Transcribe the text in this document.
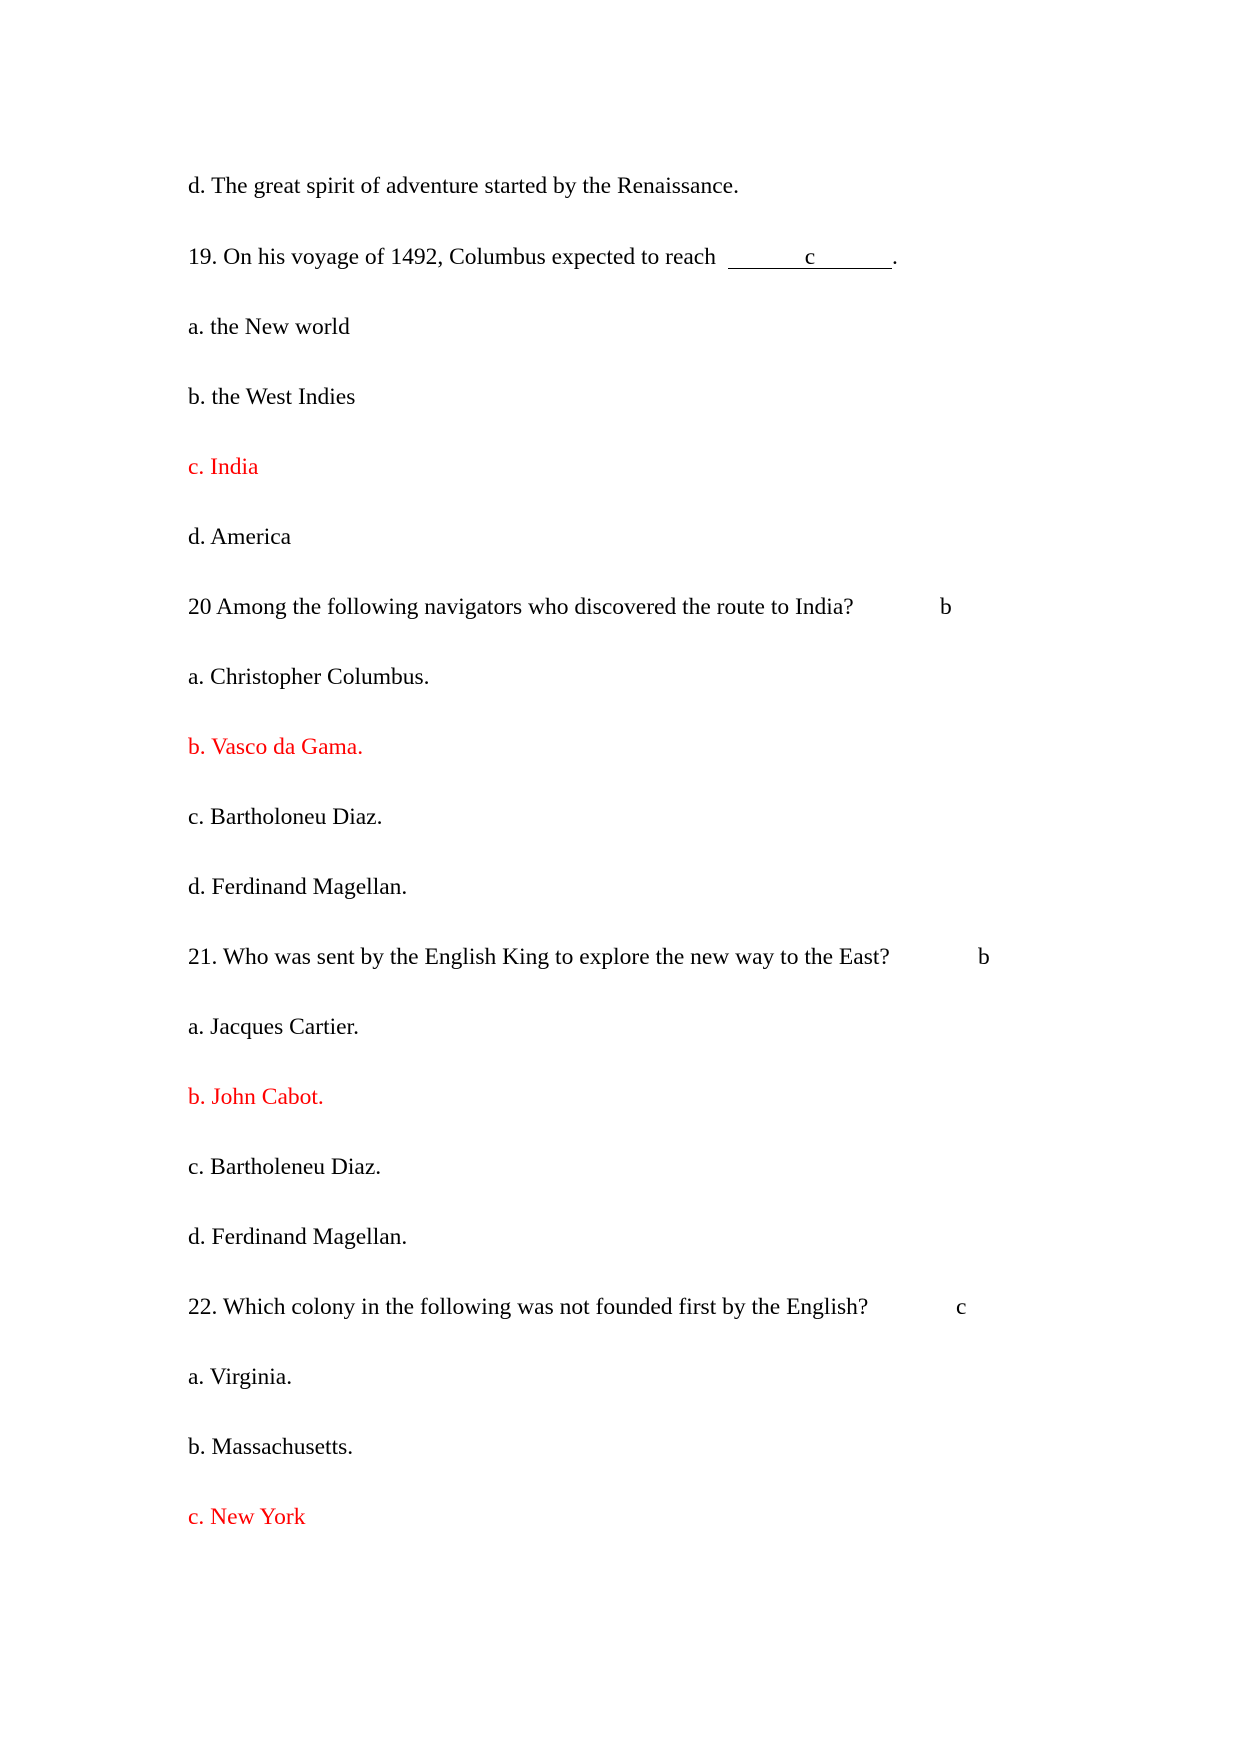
d. The great spirit of adventure started by the Renaissance.
19. On his voyage of 1492, Columbus expected to reach	c	.
a. the New world
b. the West Indies
c. India
d. America
20 Among the following navigators who discovered the route to India?	b
a. Christopher Columbus.
b. Vasco da Gama.
c. Bartholoneu Diaz.
d. Ferdinand Magellan.
21. Who was sent by the English King to explore the new way to the East?	b
a. Jacques Cartier.
b. John Cabot.
c. Bartholeneu Diaz.
d. Ferdinand Magellan.
22. Which colony in the following was not founded first by the English?	c
a. Virginia.
b. Massachusetts.
c. New York
